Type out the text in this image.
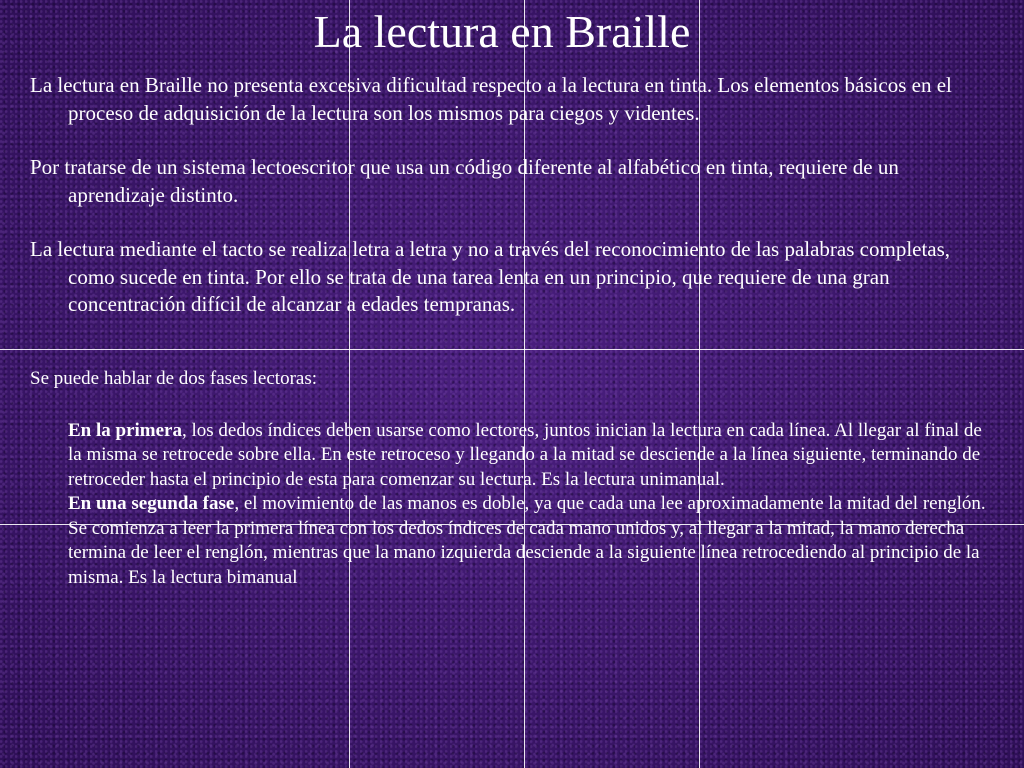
La lectura en Braille

La lectura en Braille no presenta excesiva dificultad respecto a la lectura en tinta. Los elementos básicos en el proceso de adquisición de la lectura son los mismos para ciegos y videntes.

Por tratarse de un sistema lectoescritor que usa un código diferente al alfabético en tinta, requiere de un aprendizaje distinto.

La lectura mediante el tacto se realiza letra a letra y no a través del reconocimiento de las palabras completas, como sucede en tinta. Por ello se trata de una tarea lenta en un principio, que requiere de una gran concentración difícil de alcanzar a edades tempranas.

Se puede hablar de dos fases lectoras:

En la primera, los dedos índices deben usarse como lectores, juntos inician la lectura en cada línea. Al llegar al final de la misma se retrocede sobre ella. En este retroceso y llegando a la mitad se desciende a la línea siguiente, terminando de retroceder hasta el principio de esta para comenzar su lectura. Es la lectura unimanual.

En una segunda fase, el movimiento de las manos es doble, ya que cada una lee aproximadamente la mitad del renglón. Se comienza a leer la primera línea con los dedos índices de cada mano unidos y, al llegar a la mitad, la mano derecha termina de leer el renglón, mientras que la mano izquierda desciende a la siguiente línea retrocediendo al principio de la misma. Es la lectura bimanual
